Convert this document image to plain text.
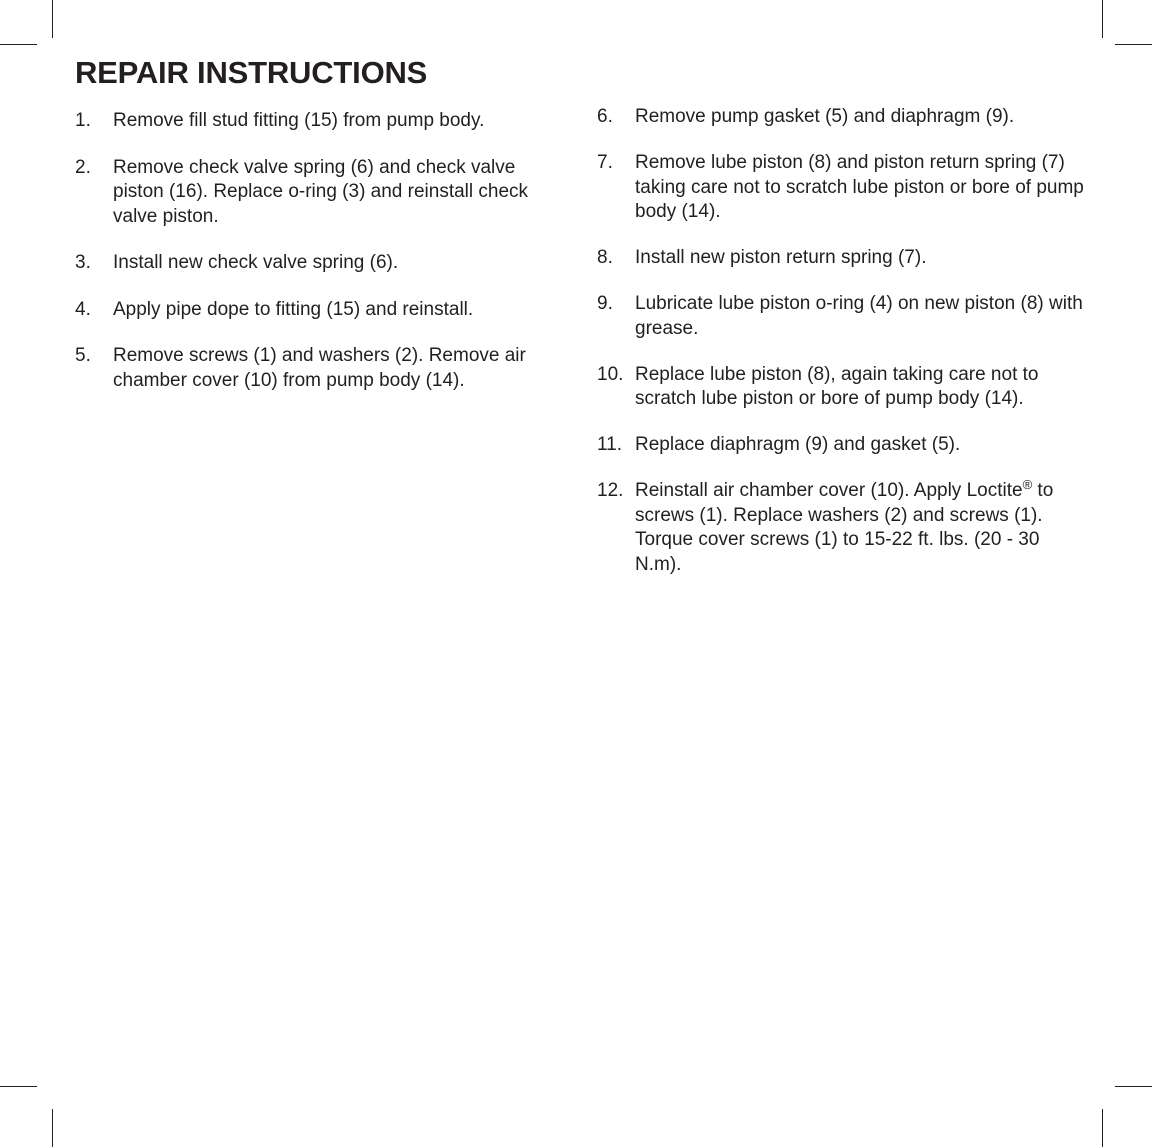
REPAIR INSTRUCTIONS
1.	Remove fill stud fitting (15) from pump body.
2.	Remove check valve spring (6) and check valve piston (16). Replace o-ring (3) and reinstall check valve piston.
3.	Install new check valve spring (6).
4.	Apply pipe dope to fitting (15) and reinstall.
5.	Remove screws (1) and washers (2). Remove air chamber cover (10) from pump body (14).
6.	Remove pump gasket (5) and diaphragm (9).
7.	Remove lube piston (8) and piston return spring (7) taking care not to scratch lube piston or bore of pump body (14).
8.	Install new piston return spring (7).
9.	Lubricate lube piston o-ring (4) on new piston (8) with grease.
10. Replace lube piston (8), again taking care not to scratch lube piston or bore of pump body (14).
11. Replace diaphragm (9) and gasket (5).
12. Reinstall air chamber cover (10). Apply Loctite® to screws (1). Replace washers (2) and screws (1). Torque cover screws (1) to 15-22 ft. lbs. (20 - 30 N.m).
